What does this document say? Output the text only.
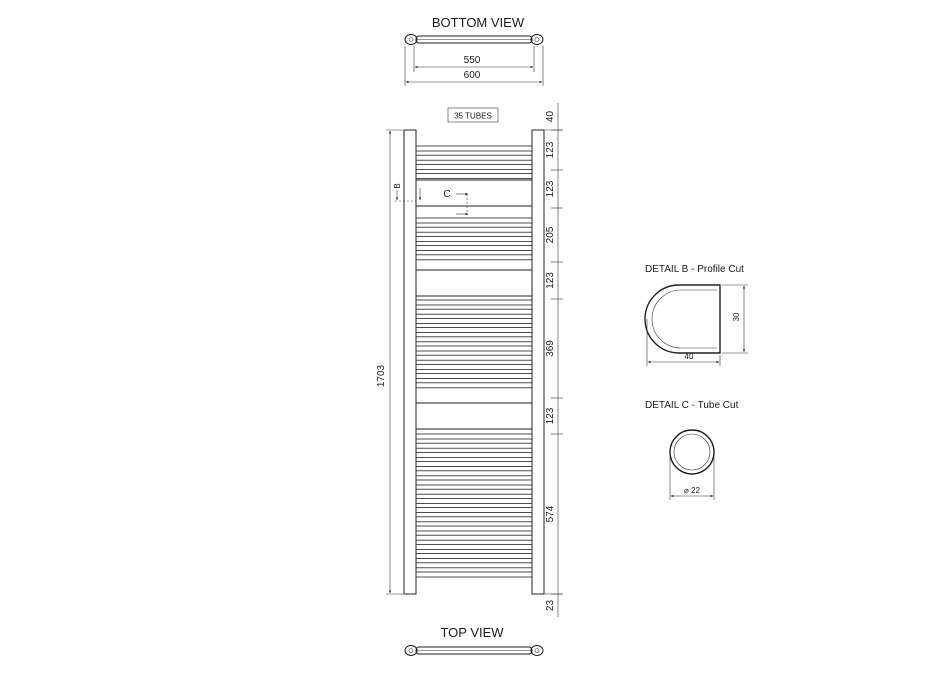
BOTTOM VIEW
550
600
35 TUBES
B
C
1703
40
123
123
205
123
369
123
574
23
TOP VIEW
DETAIL B - Profile Cut
30
40
DETAIL C - Tube Cut
⌀ 22
